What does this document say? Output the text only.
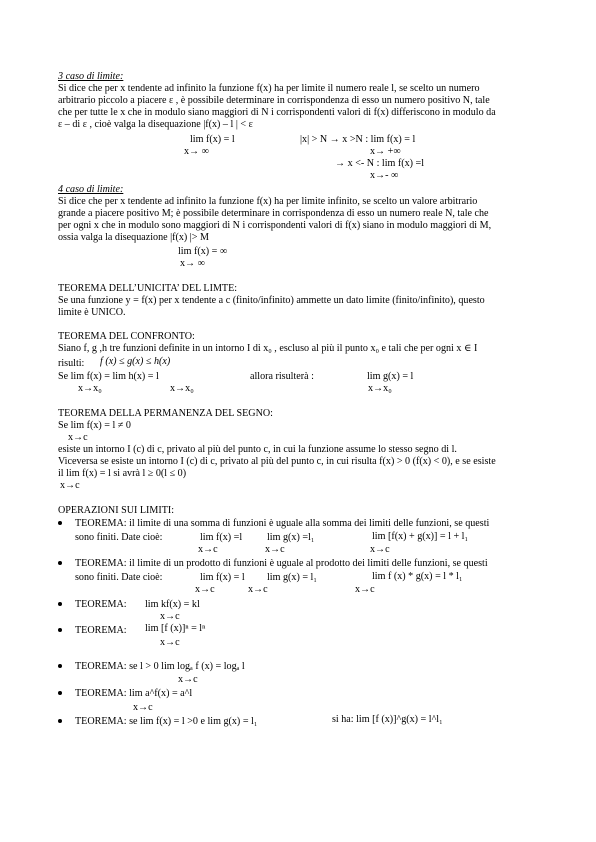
3 caso di limite:
Si dice che per x tendente ad infinito la funzione f(x) ha per limite il numero reale l, se scelto un numero
arbitrario piccolo a piacere ε , è possibile determinare in corrispondenza di esso un numero positivo N, tale
che per tutte le x che in modulo siano maggiori di N i corrispondenti valori di f(x) differiscono in modulo da
ε – di ε , cioè valga la disequazione |f(x) – l | < ε
lim f(x) = l	|x| > N → x >N : lim f(x) = l
x→ ∞	x→ +∞
→ x <- N : lim f(x) =l
x→- ∞
4 caso di limite:
Si dice che per x tendente ad infinito la funzione f(x) ha per limite infinito, se scelto un valore arbitrario
grande a piacere positivo M; è possibile determinare in corrispondenza di esso un numero reale N, tale che
per ogni x che in modulo sono maggiori di N i corrispondenti valori di f(x) siano in modulo maggiori di M,
ossia valga la disequazione |f(x) |> M
lim f(x) = ∞
x→ ∞
TEOREMA DELL’UNICITA’ DEL LIMTE:
Se una funzione y = f(x) per x tendente a c (finito/infinito) ammette un dato limite (finito/infinito), questo
limite è UNICO.
TEOREMA DEL CONFRONTO:
Siano f, g ,h tre funzioni definite in un intorno I di x₀ , escluso al più il punto x₀ e tali che per ogni x ∈ I
risulti: f (x) ≤ g(x) ≤ h(x)
Se lim f(x) = lim h(x) = l	allora risulterà :	lim g(x) = l
x→x₀	x→x₀	x→x₀
TEOREMA DELLA PERMANENZA DEL SEGNO:
Se lim f(x) = l ≠ 0
x→c
esiste un intorno I (c) di c, privato al più del punto c, in cui la funzione assume lo stesso segno di l.
Viceversa se esiste un intorno I (c) di c, privato al più del punto c, in cui risulta f(x) > 0 (f(x) < 0), e se esiste
il lim f(x) = l si avrà l ≥ 0(l ≤ 0)
x→c
OPERAZIONI SUI LIMITI:
TEOREMA: il limite di una somma di funzioni è uguale alla somma dei limiti delle funzioni, se questi
sono finiti. Date cioè:	lim f(x) =l lim g(x) =l₁	lim [f(x) + g(x)] = l + l₁
x→c	x→c	x→c
TEOREMA: il limite di un prodotto di funzioni è uguale al prodotto dei limiti delle funzioni, se questi
sono finiti. Date cioè:	lim f(x) = l lim g(x) = l₁	lim f (x) * g(x) = l * l₁
x→c	x→c	x→c
TEOREMA: lim kf(x) = kl
x→c
TEOREMA: lim [f (x)]ⁿ = lⁿ
x→c
TEOREMA: se l > 0 lim logₐ f (x) = logₐ l
x→c
TEOREMA: lim a^f(x) = a^l
x→c
TEOREMA: se lim f(x) = l >0 e lim g(x) = l₁	si ha: lim [f (x)]^g(x) = l^l₁
